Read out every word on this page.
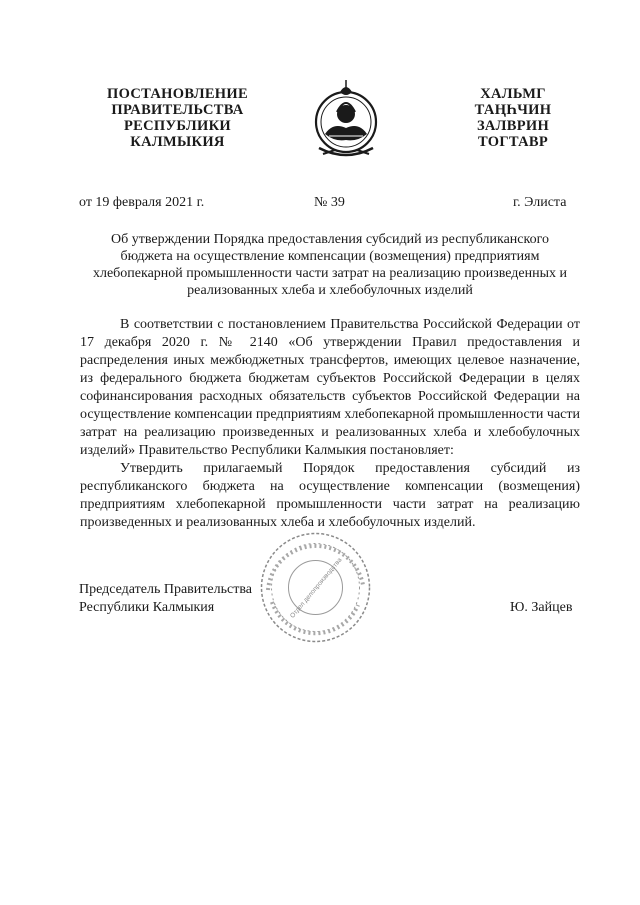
ПОСТАНОВЛЕНИЕ
ПРАВИТЕЛЬСТВА
РЕСПУБЛИКИ
КАЛМЫКИЯ
ХАЛЬМГ
ТАҢҺЧИН
ЗАЛВРИН
ТОГТАВР
от 19 февраля 2021 г.	№ 39	г. Элиста
Об утверждении Порядка предоставления субсидий из республиканского
бюджета на осуществление компенсации (возмещения) предприятиям
хлебопекарной промышленности части затрат на реализацию произведенных и
реализованных хлеба и хлебобулочных изделий

В соответствии с постановлением Правительства Российской Федерации от 17 декабря 2020 г. № 2140 «Об утверждении Правил предоставления и распределения иных межбюджетных трансфертов, имеющих целевое назначение, из федерального бюджета бюджетам субъектов Российской Федерации в целях софинансирования расходных обязательств субъектов Российской Федерации на осуществление компенсации предприятиям хлебопекарной промышленности части затрат на реализацию произведенных и реализованных хлеба и хлебобулочных изделий» Правительство Республики Калмыкия постановляет:

Утвердить прилагаемый Порядок предоставления субсидий из республиканского бюджета на осуществление компенсации (возмещения) предприятиям хлебопекарной промышленности части затрат на реализацию произведенных и реализованных хлеба и хлебобулочных изделий.

Отдел делопроизводства
Председатель Правительства
Республики Калмыкия	Ю. Зайцев
